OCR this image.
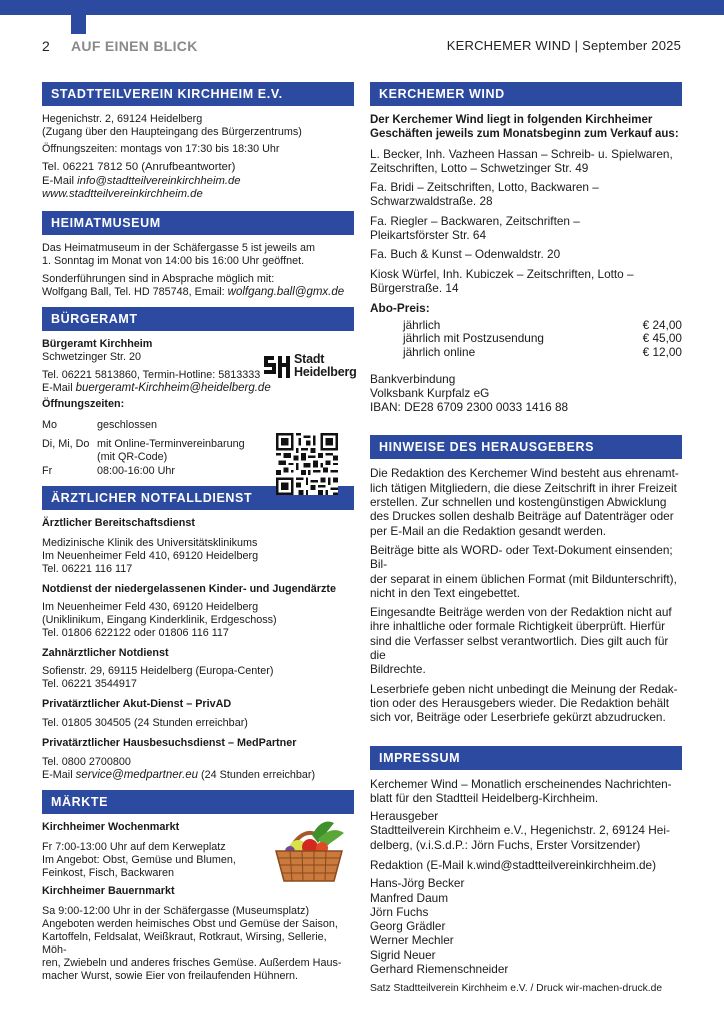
2 AUF EINEN BLICK	KERCHEMER WIND | September 2025
STADTTEILVEREIN KIRCHHEIM E.V.
Hegenichstr. 2, 69124 Heidelberg
(Zugang über den Haupteingang des Bürgerzentrums)
Öffnungszeiten: montags von 17:30 bis 18:30 Uhr
Tel. 06221 7812 50 (Anrufbeantworter)
E-Mail info@stadtteilvereinkirchheim.de
www.stadtteilvereinkirchheim.de
HEIMATMUSEUM
Das Heimatmuseum in der Schäfergasse 5 ist jeweils am
1. Sonntag im Monat von 14:00 bis 16:00 Uhr geöffnet.
Sonderführungen sind in Absprache möglich mit:
Wolfgang Ball, Tel. HD 785748, Email: wolfgang.ball@gmx.de
BÜRGERAMT
Bürgeramt Kirchheim
Schwetzinger Str. 20	Stadt
Heidelberg
Tel. 06221 5813860, Termin-Hotline: 5813333
E-Mail buergeramt-Kirchheim@heidelberg.de
Öffnungszeiten:
Mo	geschlossen
Di, Mi, Do mit Online-Terminvereinbarung
(mit QR-Code)
Fr	08:00-16:00 Uhr
ÄRZTLICHER NOTFALLDIENST
Ärztlicher Bereitschaftsdienst
Medizinische Klinik des Universitätsklinikums
Im Neuenheimer Feld 410, 69120 Heidelberg
Tel. 06221 116 117
Notdienst der niedergelassenen Kinder- und Jugendärzte
Im Neuenheimer Feld 430, 69120 Heidelberg
(Uniklinikum, Eingang Kinderklinik, Erdgeschoss)
Tel. 01806 622122 oder 01806 116 117
Zahnärztlicher Notdienst
Sofienstr. 29, 69115 Heidelberg (Europa-Center)
Tel. 06221 3544917
Privatärztlicher Akut-Dienst – PrivAD
Tel. 01805 304505 (24 Stunden erreichbar)
Privatärztlicher Hausbesuchsdienst – MedPartner
Tel. 0800 2700800
E-Mail service@medpartner.eu (24 Stunden erreichbar)
MÄRKTE
Kirchheimer Wochenmarkt
Fr 7:00-13:00 Uhr auf dem Kerweplatz
Im Angebot: Obst, Gemüse und Blumen,
Feinkost, Fisch, Backwaren
Kirchheimer Bauernmarkt
Sa 9:00-12:00 Uhr in der Schäfergasse (Museumsplatz)
Angeboten werden heimisches Obst und Gemüse der Saison,
Kartoffeln, Feldsalat, Weißkraut, Rotkraut, Wirsing, Sellerie, Möh-
ren, Zwiebeln und anderes frisches Gemüse. Außerdem Haus-
macher Wurst, sowie Eier von freilaufenden Hühnern.
KERCHEMER WIND
Der Kerchemer Wind liegt in folgenden Kirchheimer
Geschäften jeweils zum Monatsbeginn zum Verkauf aus:
L. Becker, Inh. Vazheen Hassan – Schreib- u. Spielwaren,
Zeitschriften, Lotto – Schwetzinger Str. 49
Fa. Bridi – Zeitschriften, Lotto, Backwaren –
Schwarzwaldstraße. 28
Fa. Riegler – Backwaren, Zeitschriften –
Pleikartsförster Str. 64
Fa. Buch & Kunst – Odenwaldstr. 20
Kiosk Würfel, Inh. Kubiczek – Zeitschriften, Lotto –
Bürgerstraße. 14
Abo-Preis:
jährlich	€ 24,00
jährlich mit Postzusendung	€ 45,00
jährlich online	€ 12,00
Bankverbindung
Volksbank Kurpfalz eG
IBAN: DE28 6709 2300 0033 1416 88
HINWEISE DES HERAUSGEBERS
Die Redaktion des Kerchemer Wind besteht aus ehrenamt-
lich tätigen Mitgliedern, die diese Zeitschrift in ihrer Freizeit
erstellen. Zur schnellen und kostengünstigen Abwicklung
des Druckes sollen deshalb Beiträge auf Datenträger oder
per E-Mail an die Redaktion gesandt werden.
Beiträge bitte als WORD- oder Text-Dokument einsenden; Bil-
der separat in einem üblichen Format (mit Bildunterschrift),
nicht in den Text eingebettet.
Eingesandte Beiträge werden von der Redaktion nicht auf
ihre inhaltliche oder formale Richtigkeit überprüft. Hierfür
sind die Verfasser selbst verantwortlich. Dies gilt auch für die
Bildrechte.
Leserbriefe geben nicht unbedingt die Meinung der Redak-
tion oder des Herausgebers wieder. Die Redaktion behält
sich vor, Beiträge oder Leserbriefe gekürzt abzudrucken.
IMPRESSUM
Kerchemer Wind – Monatlich erscheinendes Nachrichten-
blatt für den Stadtteil Heidelberg-Kirchheim.
Herausgeber
Stadtteilverein Kirchheim e.V., Hegenichstr. 2, 69124 Hei-
delberg, (v.i.S.d.P.: Jörn Fuchs, Erster Vorsitzender)
Redaktion (E-Mail k.wind@stadtteilvereinkirchheim.de)
Hans-Jörg Becker
Manfred Daum
Jörn Fuchs
Georg Grädler
Werner Mechler
Sigrid Neuer
Gerhard Riemenschneider
Satz Stadtteilverein Kirchheim e.V. / Druck wir-machen-druck.de
